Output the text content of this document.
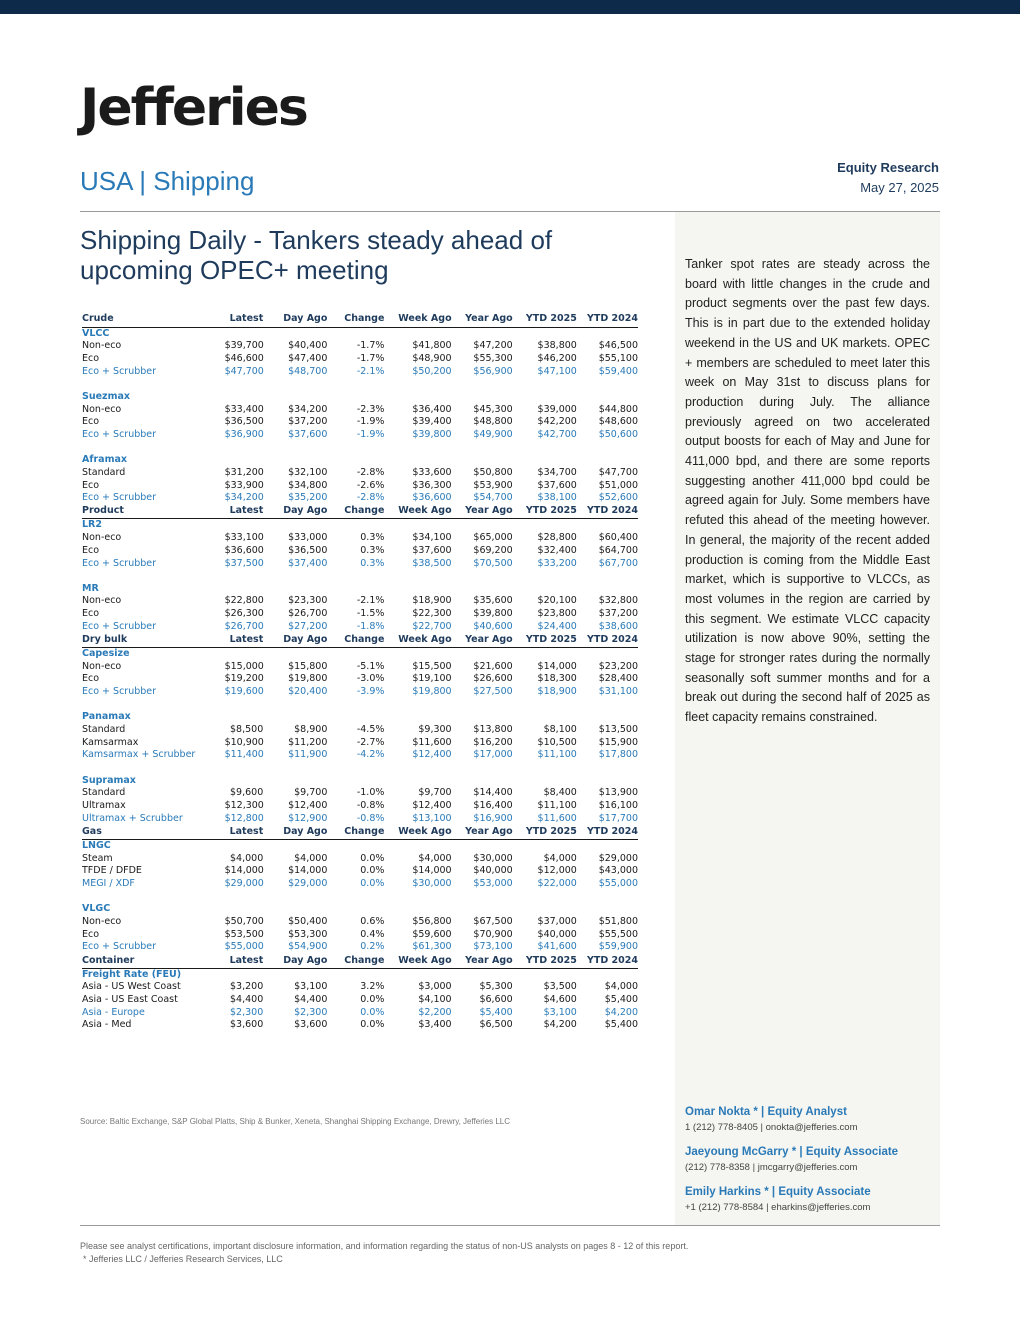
Jefferies
USA | Shipping	Equity Research
May 27, 2025
Shipping Daily - Tankers steady ahead of upcoming OPEC+ meeting	Tanker spot rates are steady across the board with little changes in the crude and product segments over the past few days. This is in part due to the extended holiday weekend in the US and UK markets. OPEC + members are scheduled to meet later this week on May 31st to discuss plans for production during July. The alliance previously agreed on two accelerated output boosts for each of May and June for 411,000 bpd, and there are some reports suggesting another 411,000 bpd could be agreed again for July. Some members have refuted this ahead of the meeting however. In general, the majority of the recent added production is coming from the Middle East market, which is supportive to VLCCs, as most volumes in the region are carried by this segment. We estimate VLCC capacity utilization is now above 90%, setting the stage for stronger rates during the normally seasonally soft summer months and for a break out during the second half of 2025 as fleet capacity remains constrained.
Crude	Latest	Day Ago	Change	Week Ago	Year Ago	YTD 2025	YTD 2024
VLCC							
Non-eco	$39,700	$40,400	-1.7%	$41,800	$47,200	$38,800	$46,500
Eco	$46,600	$47,400	-1.7%	$48,900	$55,300	$46,200	$55,100
Eco + Scrubber	$47,700	$48,700	-2.1%	$50,200	$56,900	$47,100	$59,400

Suezmax							
Non-eco	$33,400	$34,200	-2.3%	$36,400	$45,300	$39,000	$44,800
Eco	$36,500	$37,200	-1.9%	$39,400	$48,800	$42,200	$48,600
Eco + Scrubber	$36,900	$37,600	-1.9%	$39,800	$49,900	$42,700	$50,600

Aframax							
Standard	$31,200	$32,100	-2.8%	$33,600	$50,800	$34,700	$47,700
Eco	$33,900	$34,800	-2.6%	$36,300	$53,900	$37,600	$51,000
Eco + Scrubber	$34,200	$35,200	-2.8%	$36,600	$54,700	$38,100	$52,600
Product	Latest	Day Ago	Change	Week Ago	Year Ago	YTD 2025	YTD 2024
LR2							
Non-eco	$33,100	$33,000	0.3%	$34,100	$65,000	$28,800	$60,400
Eco	$36,600	$36,500	0.3%	$37,600	$69,200	$32,400	$64,700
Eco + Scrubber	$37,500	$37,400	0.3%	$38,500	$70,500	$33,200	$67,700

MR							
Non-eco	$22,800	$23,300	-2.1%	$18,900	$35,600	$20,100	$32,800
Eco	$26,300	$26,700	-1.5%	$22,300	$39,800	$23,800	$37,200
Eco + Scrubber	$26,700	$27,200	-1.8%	$22,700	$40,600	$24,400	$38,600
Dry bulk	Latest	Day Ago	Change	Week Ago	Year Ago	YTD 2025	YTD 2024
Capesize							
Non-eco	$15,000	$15,800	-5.1%	$15,500	$21,600	$14,000	$23,200
Eco	$19,200	$19,800	-3.0%	$19,100	$26,600	$18,300	$28,400
Eco + Scrubber	$19,600	$20,400	-3.9%	$19,800	$27,500	$18,900	$31,100

Panamax							
Standard	$8,500	$8,900	-4.5%	$9,300	$13,800	$8,100	$13,500
Kamsarmax	$10,900	$11,200	-2.7%	$11,600	$16,200	$10,500	$15,900
Kamsarmax + Scrubber	$11,400	$11,900	-4.2%	$12,400	$17,000	$11,100	$17,800

Supramax							
Standard	$9,600	$9,700	-1.0%	$9,700	$14,400	$8,400	$13,900
Ultramax	$12,300	$12,400	-0.8%	$12,400	$16,400	$11,100	$16,100
Ultramax + Scrubber	$12,800	$12,900	-0.8%	$13,100	$16,900	$11,600	$17,700
Gas	Latest	Day Ago	Change	Week Ago	Year Ago	YTD 2025	YTD 2024
LNGC							
Steam	$4,000	$4,000	0.0%	$4,000	$30,000	$4,000	$29,000
TFDE / DFDE	$14,000	$14,000	0.0%	$14,000	$40,000	$12,000	$43,000
MEGI / XDF	$29,000	$29,000	0.0%	$30,000	$53,000	$22,000	$55,000

VLGC							
Non-eco	$50,700	$50,400	0.6%	$56,800	$67,500	$37,000	$51,800
Eco	$53,500	$53,300	0.4%	$59,600	$70,900	$40,000	$55,500
Eco + Scrubber	$55,000	$54,900	0.2%	$61,300	$73,100	$41,600	$59,900
Container	Latest	Day Ago	Change	Week Ago	Year Ago	YTD 2025	YTD 2024
Freight Rate (FEU)							
Asia - US West Coast	$3,200	$3,100	3.2%	$3,000	$5,300	$3,500	$4,000
Asia - US East Coast	$4,400	$4,400	0.0%	$4,100	$6,600	$4,600	$5,400
Asia - Europe	$2,300	$2,300	0.0%	$2,200	$5,400	$3,100	$4,200
Asia - Med	$3,600	$3,600	0.0%	$3,400	$6,500	$4,200	$5,400
Source: Baltic Exchange, S&P Global Platts, Ship & Bunker, Xeneta, Shanghai Shipping Exchange, Drewry, Jefferies LLC
Omar Nokta * | Equity Analyst
1 (212) 778-8405 | onokta@jefferies.com
Jaeyoung McGarry * | Equity Associate
(212) 778-8358 | jmcgarry@jefferies.com
Emily Harkins * | Equity Associate
+1 (212) 778-8584 | eharkins@jefferies.com
Please see analyst certifications, important disclosure information, and information regarding the status of non-US analysts on pages 8 - 12 of this report.
* Jefferies LLC / Jefferies Research Services, LLC
